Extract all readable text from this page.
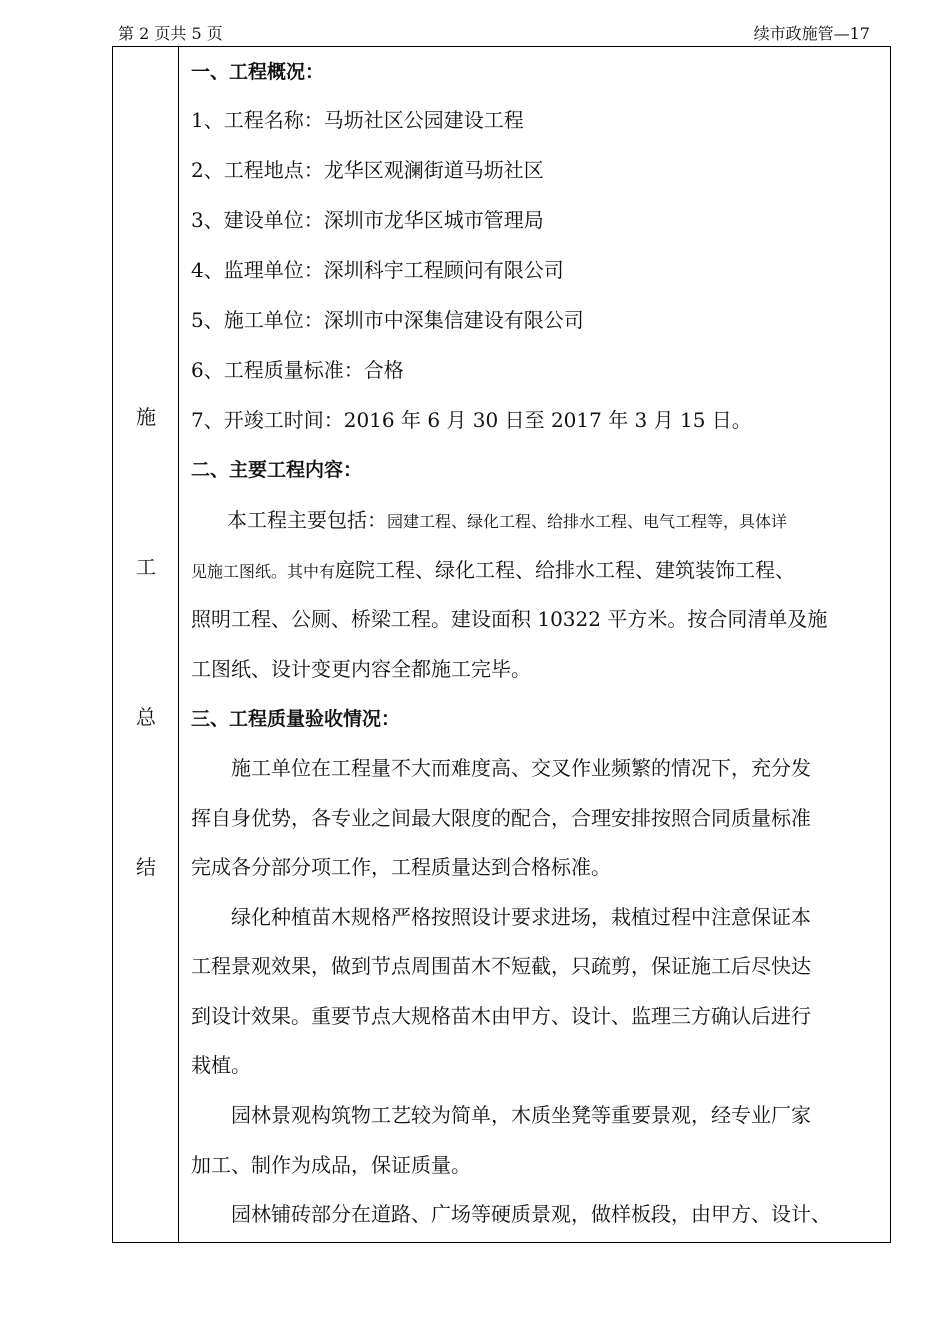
第 2 页共 5 页	续市政施管—17
施
工
总
结
一、工程概况：
1、工程名称：马坜社区公园建设工程
2、工程地点：龙华区观澜街道马坜社区
3、建设单位：深圳市龙华区城市管理局
4、监理单位：深圳科宇工程顾问有限公司
5、施工单位：深圳市中深集信建设有限公司
6、工程质量标准：合格
7、开竣工时间：2016 年 6 月 30 日至 2017 年 3 月 15 日。
二、主要工程内容：
本工程主要包括：园建工程、绿化工程、给排水工程、电气工程等，具体详
见施工图纸。其中有庭院工程、绿化工程、给排水工程、建筑装饰工程、
照明工程、公厕、桥梁工程。建设面积 10322 平方米。按合同清单及施
工图纸、设计变更内容全都施工完毕。
三、工程质量验收情况：
施工单位在工程量不大而难度高、交叉作业频繁的情况下，充分发
挥自身优势，各专业之间最大限度的配合，合理安排按照合同质量标准
完成各分部分项工作，工程质量达到合格标准。
绿化种植苗木规格严格按照设计要求进场，栽植过程中注意保证本
工程景观效果，做到节点周围苗木不短截，只疏剪，保证施工后尽快达
到设计效果。重要节点大规格苗木由甲方、设计、监理三方确认后进行
栽植。
园林景观构筑物工艺较为简单，木质坐凳等重要景观，经专业厂家
加工、制作为成品，保证质量。
园林铺砖部分在道路、广场等硬质景观，做样板段，由甲方、设计、
